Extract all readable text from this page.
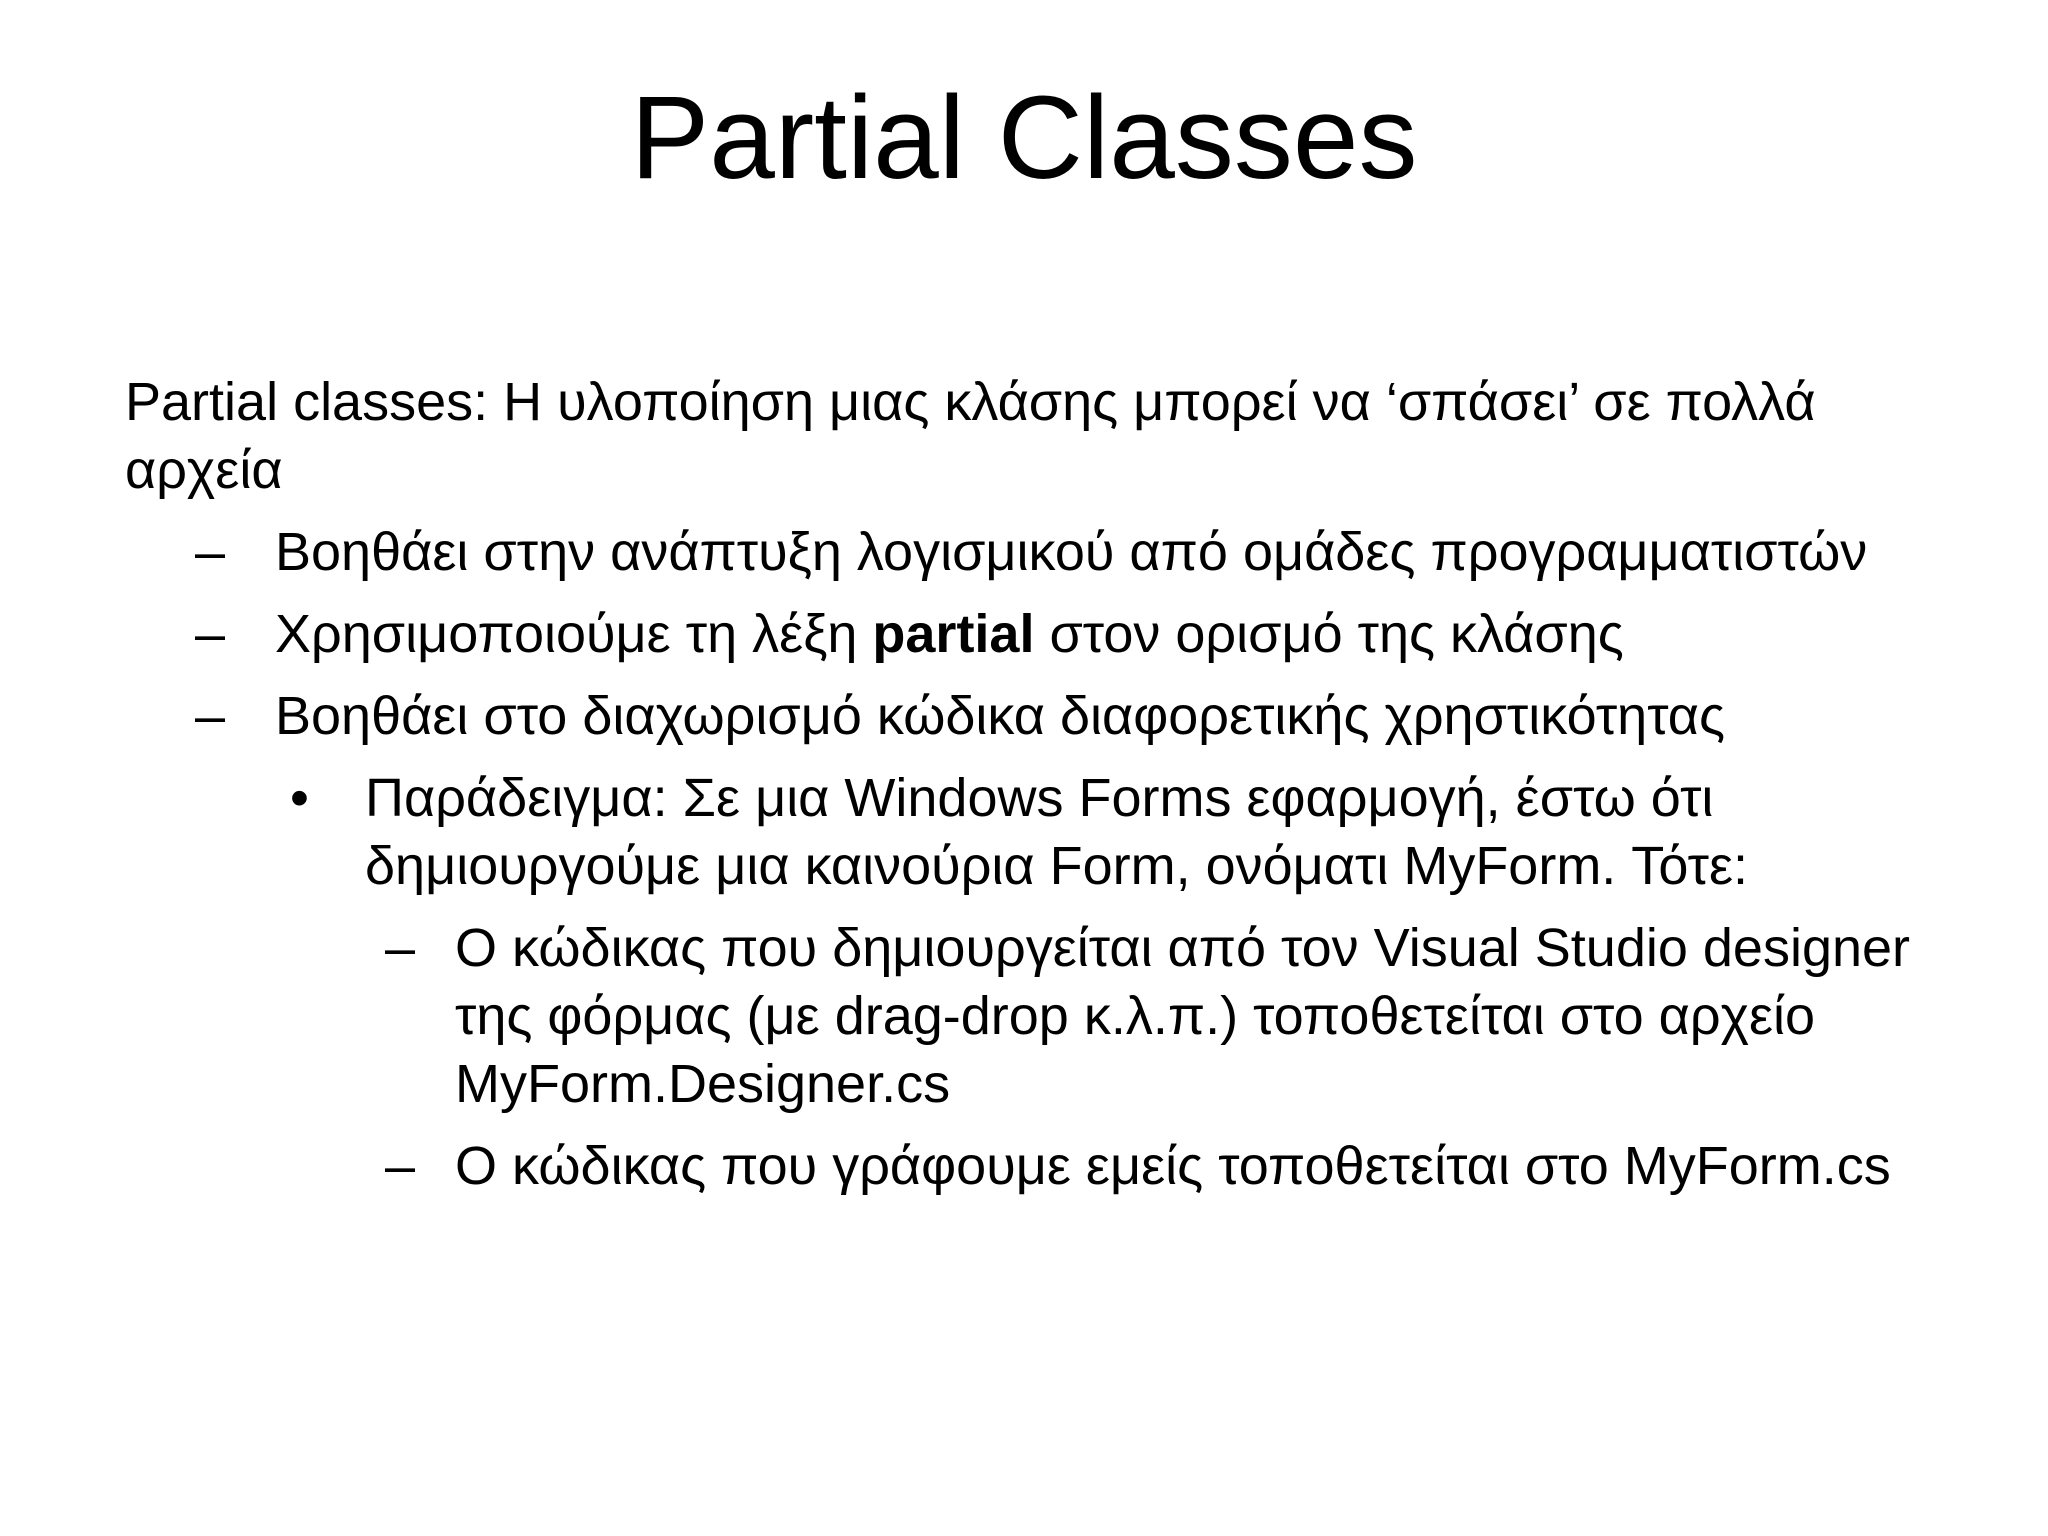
Partial Classes

Partial classes: Η υλοποίηση μιας κλάσης μπορεί να ‘σπάσει’ σε πολλά αρχεία

– Βοηθάει στην ανάπτυξη λογισμικού από ομάδες προγραμματιστών
– Χρησιμοποιούμε τη λέξη partial στον ορισμό της κλάσης
– Βοηθάει στο διαχωρισμό κώδικα διαφορετικής χρηστικότητας
• Παράδειγμα: Σε μια Windows Forms εφαρμογή, έστω ότι δημιουργούμε μια καινούρια Form, ονόματι MyForm. Τότε:
– Ο κώδικας που δημιουργείται από τον Visual Studio designer της φόρμας (με drag-drop κ.λ.π.) τοποθετείται στο αρχείο MyForm.Designer.cs
– Ο κώδικας που γράφουμε εμείς τοποθετείται στο MyForm.cs
